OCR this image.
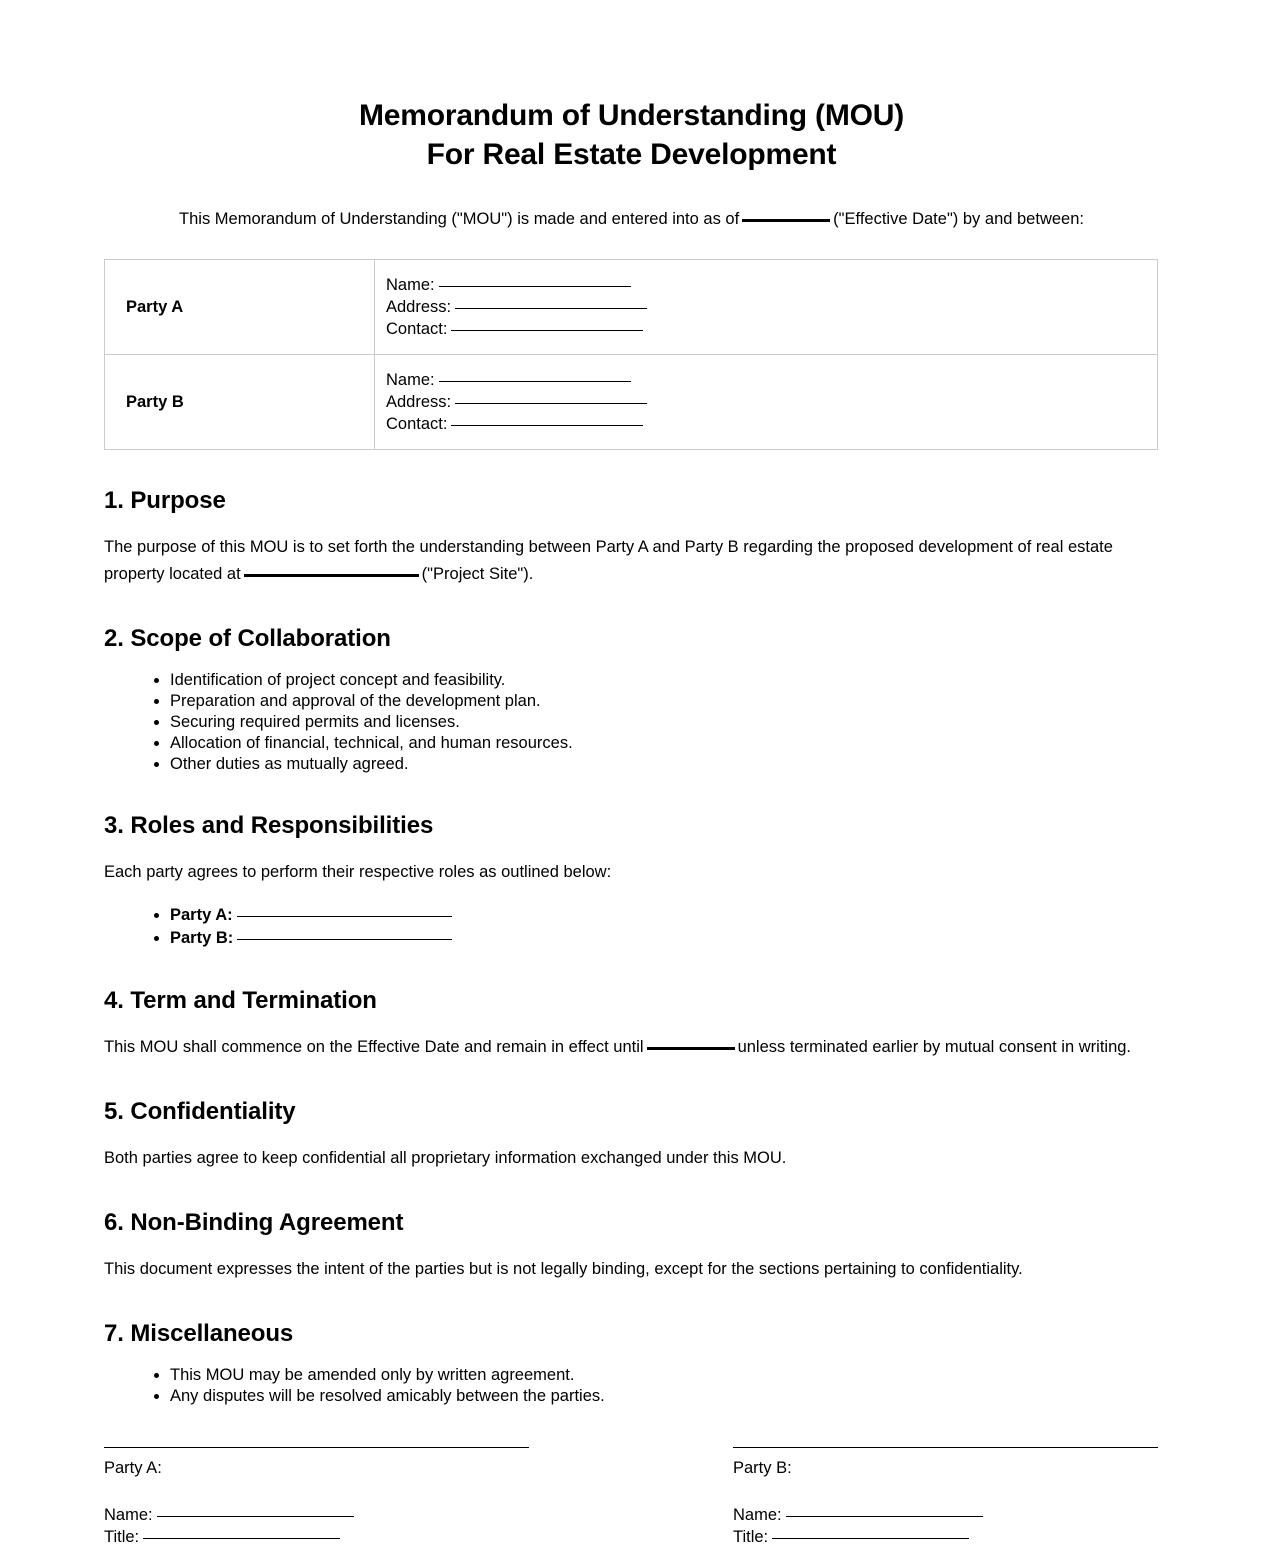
Memorandum of Understanding (MOU)
For Real Estate Development

This Memorandum of Understanding ("MOU") is made and entered into as of	("Effective Date") by and between:

Party A	Name:
Address:
Contact:

Party B	Name:
Address:
Contact:
1. Purpose

The purpose of this MOU is to set forth the understanding between Party A and Party B regarding the proposed development of real estate property located at	("Project Site").

2. Scope of Collaboration
• Identification of project concept and feasibility.
• Preparation and approval of the development plan.
• Securing required permits and licenses.
• Allocation of financial, technical, and human resources.
• Other duties as mutually agreed.
3. Roles and Responsibilities

Each party agrees to perform their respective roles as outlined below:

• Party A:
• Party B:
4. Term and Termination

This MOU shall commence on the Effective Date and remain in effect until	unless terminated earlier by mutual consent in writing.

5. Confidentiality

Both parties agree to keep confidential all proprietary information exchanged under this MOU.

6. Non-Binding Agreement

This document expresses the intent of the parties but is not legally binding, except for the sections pertaining to confidentiality.

7. Miscellaneous
• This MOU may be amended only by written agreement.
• Any disputes will be resolved amicably between the parties.
Party A:
Name:
Title:
Party B:
Name:
Title:
